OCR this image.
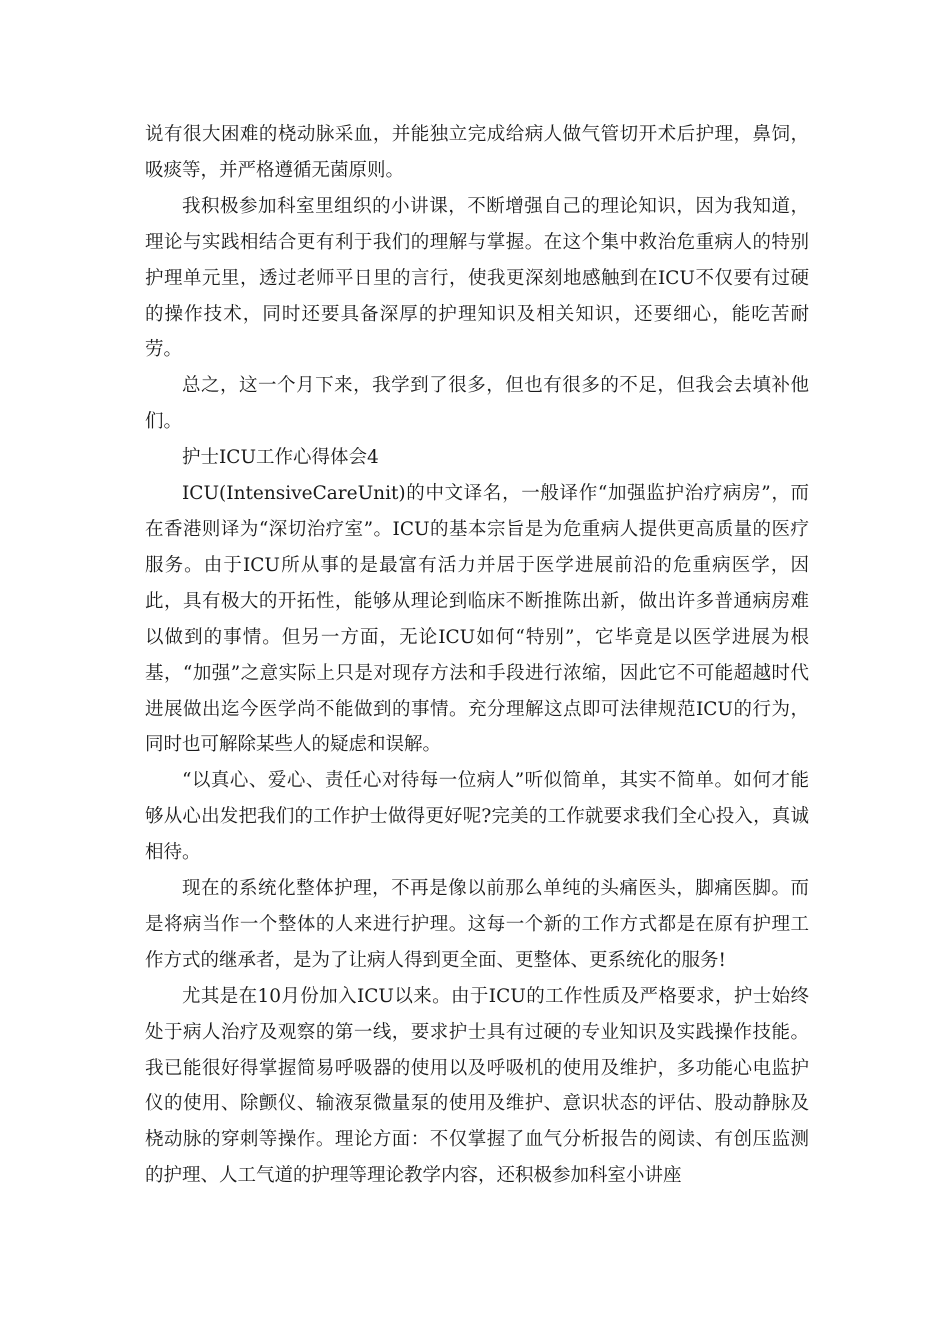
说有很大困难的桡动脉采血，并能独立完成给病人做气管切开术后护理，鼻饲，吸痰等，并严格遵循无菌原则。

我积极参加科室里组织的小讲课，不断增强自己的理论知识，因为我知道，理论与实践相结合更有利于我们的理解与掌握。在这个集中救治危重病人的特别护理单元里，透过老师平日里的言行，使我更深刻地感触到在ICU不仅要有过硬的操作技术，同时还要具备深厚的护理知识及相关知识，还要细心，能吃苦耐劳。

总之，这一个月下来，我学到了很多，但也有很多的不足，但我会去填补他们。

护士ICU工作心得体会4

ICU(IntensiveCareUnit)的中文译名，一般译作“加强监护治疗病房”，而在香港则译为“深切治疗室”。ICU的基本宗旨是为危重病人提供更高质量的医疗服务。由于ICU所从事的是最富有活力并居于医学进展前沿的危重病医学，因此，具有极大的开拓性，能够从理论到临床不断推陈出新，做出许多普通病房难以做到的事情。但另一方面，无论ICU如何“特别”，它毕竟是以医学进展为根基，“加强”之意实际上只是对现存方法和手段进行浓缩，因此它不可能超越时代进展做出迄今医学尚不能做到的事情。充分理解这点即可法律规范ICU的行为，同时也可解除某些人的疑虑和误解。

“以真心、爱心、责任心对待每一位病人”听似简单，其实不简单。如何才能够从心出发把我们的工作护士做得更好呢?完美的工作就要求我们全心投入，真诚相待。

现在的系统化整体护理，不再是像以前那么单纯的头痛医头，脚痛医脚。而是将病当作一个整体的人来进行护理。这每一个新的工作方式都是在原有护理工作方式的继承者，是为了让病人得到更全面、更整体、更系统化的服务!

尤其是在10月份加入ICU以来。由于ICU的工作性质及严格要求，护士始终处于病人治疗及观察的第一线，要求护士具有过硬的专业知识及实践操作技能。我已能很好得掌握简易呼吸器的使用以及呼吸机的使用及维护，多功能心电监护仪的使用、除颤仪、输液泵微量泵的使用及维护、意识状态的评估、股动静脉及桡动脉的穿刺等操作。理论方面：不仅掌握了血气分析报告的阅读、有创压监测的护理、人工气道的护理等理论教学内容，还积极参加科室小讲座
